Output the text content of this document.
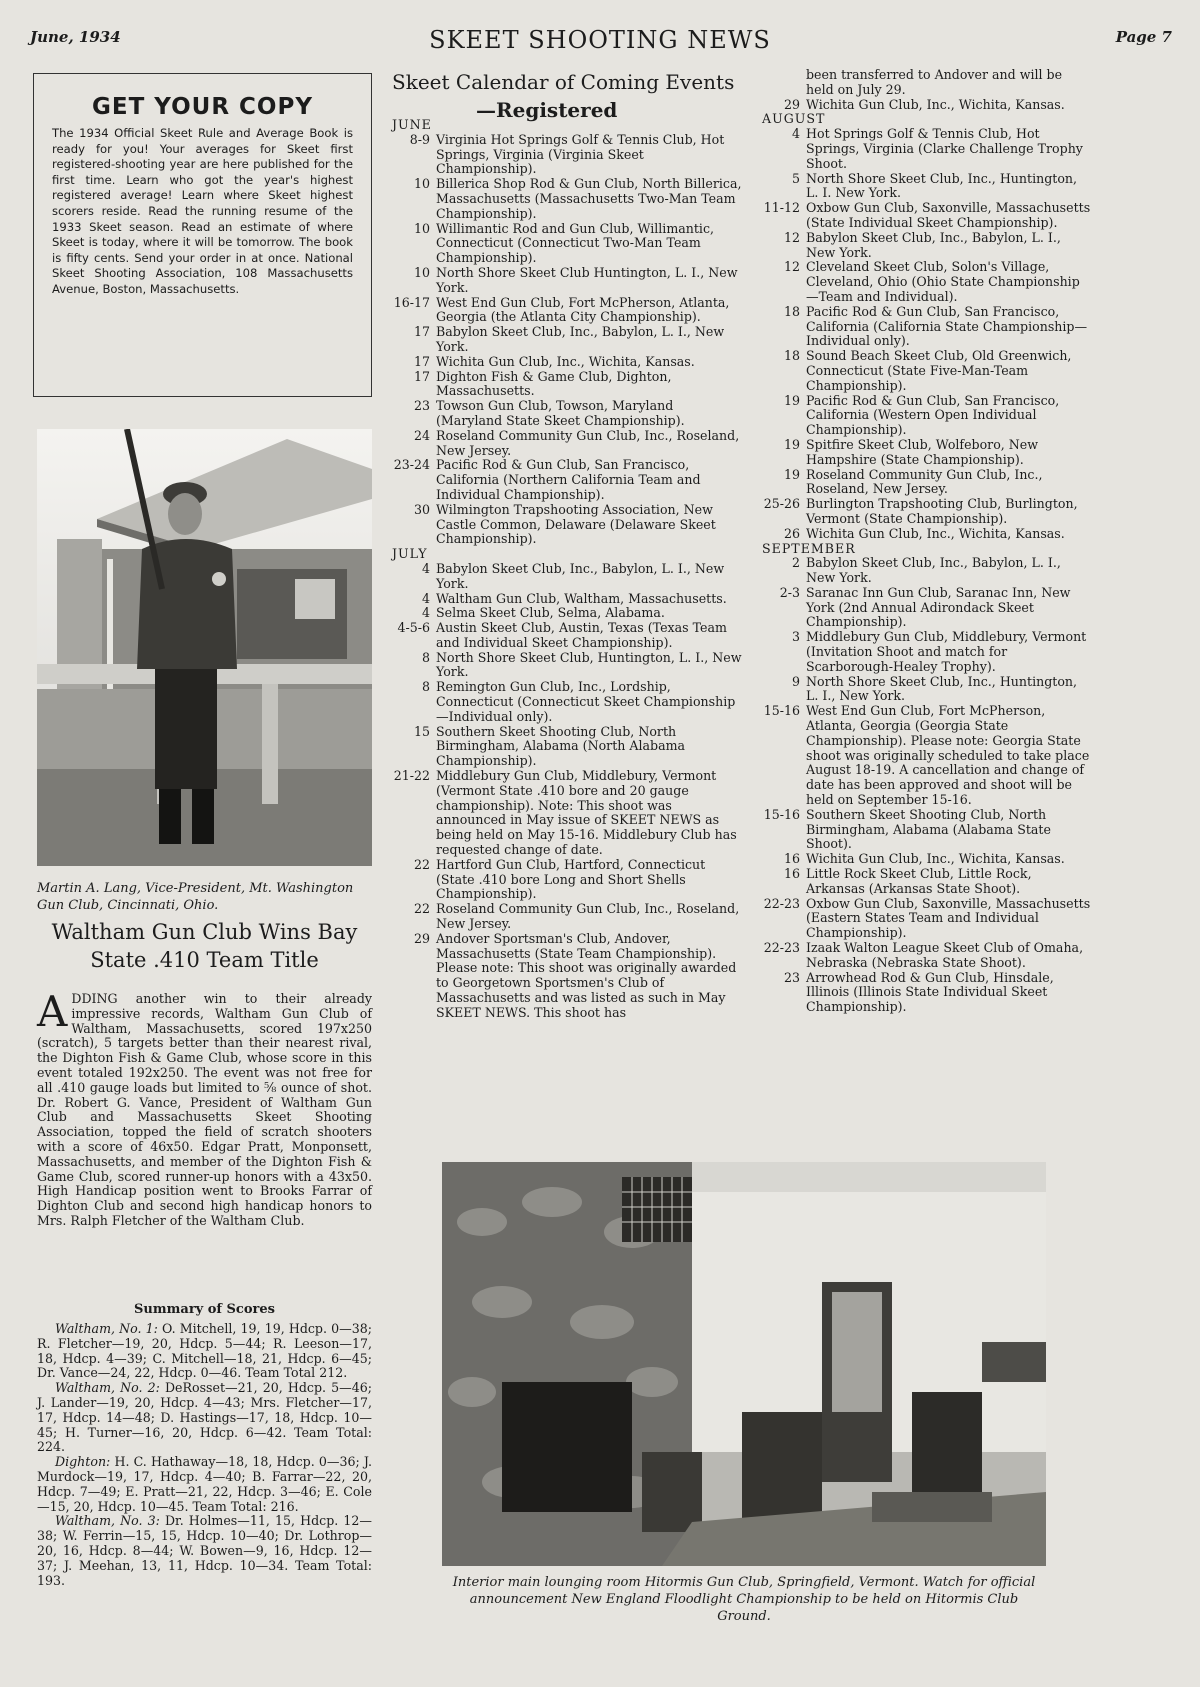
June, 1934	SKEET SHOOTING NEWS	Page 7
GET YOUR COPY
The 1934 Official Skeet Rule and Average Book is ready for you! Your averages for Skeet first registered-shooting year are here published for the first time. Learn who got the year's highest registered average! Learn where Skeet highest scorers reside. Read the running resume of the 1933 Skeet season. Read an estimate of where Skeet is today, where it will be tomorrow. The book is fifty cents. Send your order in at once. National Skeet Shooting Association, 108 Massachusetts Avenue, Boston, Massachusetts.
Martin A. Lang, Vice-President, Mt. Washington Gun Club, Cincinnati, Ohio.
Waltham Gun Club Wins Bay
State .410 Team Title
ADDING another win to their already impressive records, Waltham Gun Club of Waltham, Massachusetts, scored 197x250 (scratch), 5 targets better than their nearest rival, the Dighton Fish & Game Club, whose score in this event totaled 192x250. The event was not free for all .410 gauge loads but limited to ⅝ ounce of shot. Dr. Robert G. Vance, President of Waltham Gun Club and Massachusetts Skeet Shooting Association, topped the field of scratch shooters with a score of 46x50. Edgar Pratt, Monponsett, Massachusetts, and member of the Dighton Fish & Game Club, scored runner-up honors with a 43x50. High Handicap position went to Brooks Farrar of Dighton Club and second high handicap honors to Mrs. Ralph Fletcher of the Waltham Club.
Summary of Scores

Waltham, No. 1: O. Mitchell, 19, 19, Hdcp. 0—38; R. Fletcher—19, 20, Hdcp. 5—44; R. Leeson—17, 18, Hdcp. 4—39; C. Mitchell—18, 21, Hdcp. 6—45; Dr. Vance—24, 22, Hdcp. 0—46. Team Total 212.

Waltham, No. 2: DeRosset—21, 20, Hdcp. 5—46; J. Lander—19, 20, Hdcp. 4—43; Mrs. Fletcher—17, 17, Hdcp. 14—48; D. Hastings—17, 18, Hdcp. 10—45; H. Turner—16, 20, Hdcp. 6—42. Team Total: 224.

Dighton: H. C. Hathaway—18, 18, Hdcp. 0—36; J. Murdock—19, 17, Hdcp. 4—40; B. Farrar—22, 20, Hdcp. 7—49; E. Pratt—21, 22, Hdcp. 3—46; E. Cole—15, 20, Hdcp. 10—45. Team Total: 216.

Waltham, No. 3: Dr. Holmes—11, 15, Hdcp. 12—38; W. Ferrin—15, 15, Hdcp. 10—40; Dr. Lothrop—20, 16, Hdcp. 8—44; W. Bowen—9, 16, Hdcp. 12—37; J. Meehan, 13, 11, Hdcp. 10—34. Team Total: 193.

Skeet Calendar of Coming Events
—Registered
JUNE
8-9 Virginia Hot Springs Golf & Tennis Club, Hot Springs, Virginia (Virginia Skeet Championship).
10 Billerica Shop Rod & Gun Club, North Billerica, Massachusetts (Massachusetts Two-Man Team Championship).
10 Willimantic Rod and Gun Club, Willimantic, Connecticut (Connecticut Two-Man Team Championship).
10 North Shore Skeet Club Huntington, L. I., New York.
16-17 West End Gun Club, Fort McPherson, Atlanta, Georgia (the Atlanta City Championship).
17 Babylon Skeet Club, Inc., Babylon, L. I., New York.
17 Wichita Gun Club, Inc., Wichita, Kansas.
17 Dighton Fish & Game Club, Dighton, Massachusetts.
23 Towson Gun Club, Towson, Maryland (Maryland State Skeet Championship).
24 Roseland Community Gun Club, Inc., Roseland, New Jersey.
23-24 Pacific Rod & Gun Club, San Francisco, California (Northern California Team and Individual Championship).
30 Wilmington Trapshooting Association, New Castle Common, Delaware (Delaware Skeet Championship).
JULY
4 Babylon Skeet Club, Inc., Babylon, L. I., New York.
4 Waltham Gun Club, Waltham, Massachusetts.
4 Selma Skeet Club, Selma, Alabama.
4-5-6 Austin Skeet Club, Austin, Texas (Texas Team and Individual Skeet Championship).
8 North Shore Skeet Club, Huntington, L. I., New York.
8 Remington Gun Club, Inc., Lordship, Connecticut (Connecticut Skeet Championship—Individual only).
15 Southern Skeet Shooting Club, North Birmingham, Alabama (North Alabama Championship).
21-22 Middlebury Gun Club, Middlebury, Vermont (Vermont State .410 bore and 20 gauge championship). Note: This shoot was announced in May issue of SKEET NEWS as being held on May 15-16. Middlebury Club has requested change of date.
22 Hartford Gun Club, Hartford, Connecticut (State .410 bore Long and Short Shells Championship).
22 Roseland Community Gun Club, Inc., Roseland, New Jersey.
29 Andover Sportsman's Club, Andover, Massachusetts (State Team Championship). Please note: This shoot was originally awarded to Georgetown Sportsmen's Club of Massachusetts and was listed as such in May SKEET NEWS. This shoot has
been transferred to Andover and will be held on July 29.
29 Wichita Gun Club, Inc., Wichita, Kansas.
AUGUST
4 Hot Springs Golf & Tennis Club, Hot Springs, Virginia (Clarke Challenge Trophy Shoot.
5 North Shore Skeet Club, Inc., Huntington, L. I. New York.
11-12 Oxbow Gun Club, Saxonville, Massachusetts (State Individual Skeet Championship).
12 Babylon Skeet Club, Inc., Babylon, L. I., New York.
12 Cleveland Skeet Club, Solon's Village, Cleveland, Ohio (Ohio State Championship—Team and Individual).
18 Pacific Rod & Gun Club, San Francisco, California (California State Championship—Individual only).
18 Sound Beach Skeet Club, Old Greenwich, Connecticut (State Five-Man-Team Championship).
19 Pacific Rod & Gun Club, San Francisco, California (Western Open Individual Championship).
19 Spitfire Skeet Club, Wolfeboro, New Hampshire (State Championship).
19 Roseland Community Gun Club, Inc., Roseland, New Jersey.
25-26 Burlington Trapshooting Club, Burlington, Vermont (State Championship).
26 Wichita Gun Club, Inc., Wichita, Kansas.
SEPTEMBER
2 Babylon Skeet Club, Inc., Babylon, L. I., New York.
2-3 Saranac Inn Gun Club, Saranac Inn, New York (2nd Annual Adirondack Skeet Championship).
3 Middlebury Gun Club, Middlebury, Vermont (Invitation Shoot and match for Scarborough-Healey Trophy).
9 North Shore Skeet Club, Inc., Huntington, L. I., New York.
15-16 West End Gun Club, Fort McPherson, Atlanta, Georgia (Georgia State Championship). Please note: Georgia State shoot was originally scheduled to take place August 18-19. A cancellation and change of date has been approved and shoot will be held on September 15-16.
15-16 Southern Skeet Shooting Club, North Birmingham, Alabama (Alabama State Shoot).
16 Wichita Gun Club, Inc., Wichita, Kansas.
16 Little Rock Skeet Club, Little Rock, Arkansas (Arkansas State Shoot).
22-23 Oxbow Gun Club, Saxonville, Massachusetts (Eastern States Team and Individual Championship).
22-23 Izaak Walton League Skeet Club of Omaha, Nebraska (Nebraska State Shoot).
23 Arrowhead Rod & Gun Club, Hinsdale, Illinois (Illinois State Individual Skeet Championship).
Interior main lounging room Hitormis Gun Club, Springfield, Vermont. Watch for official announcement New England Floodlight Championship to be held on Hitormis Club Ground.
